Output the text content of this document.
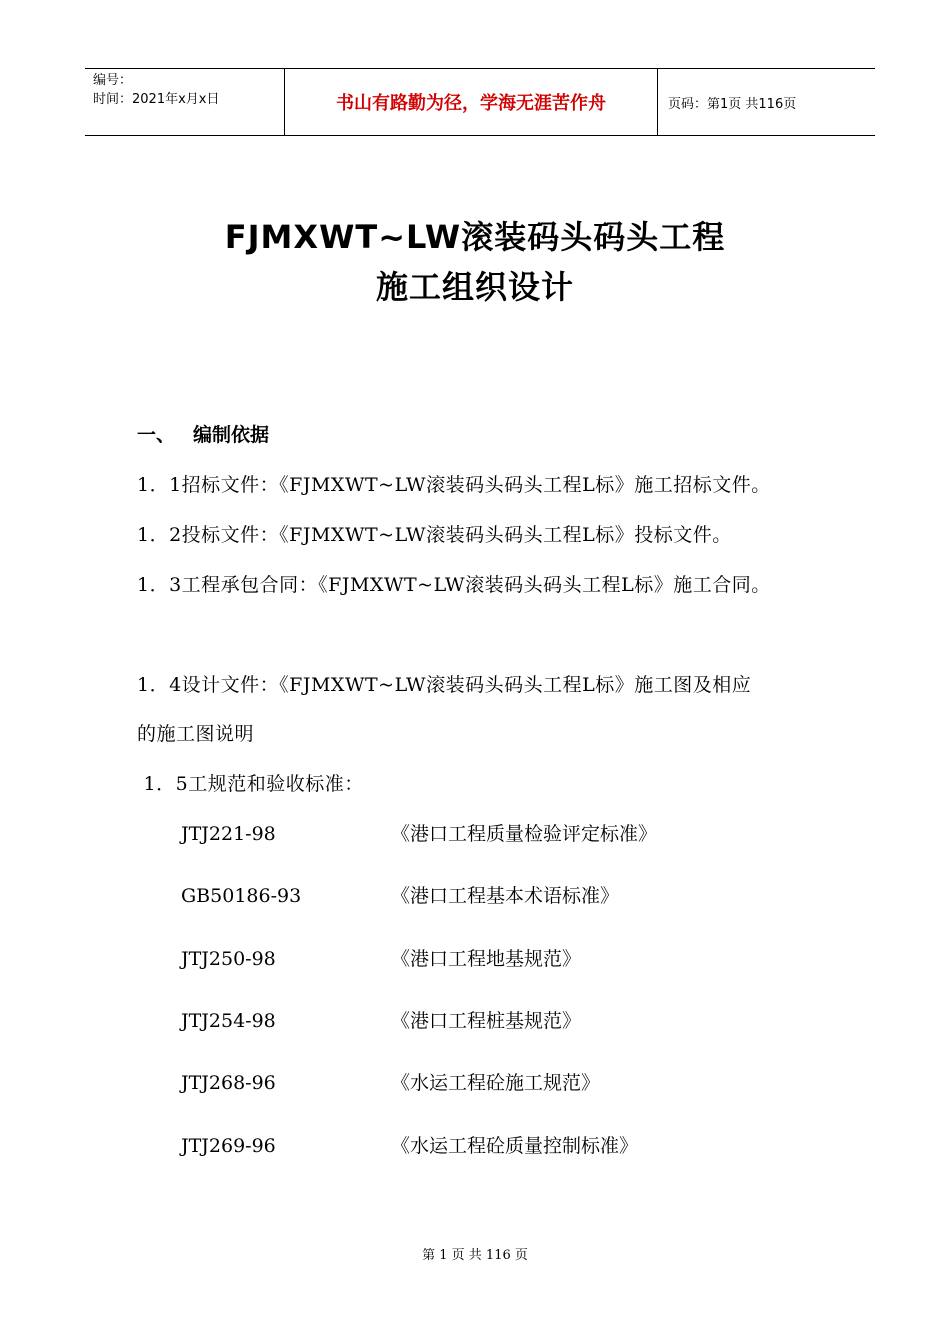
编号：
时间：2021年x月x日	书山有路勤为径，学海无涯苦作舟	页码：第1页 共116页
FJMXWT~LW滚装码头码头工程
施工组织设计
一、 编制依据
1．1招标文件：《FJMXWT~LW滚装码头码头工程L标》施工招标文件。
1．2投标文件：《FJMXWT~LW滚装码头码头工程L标》投标文件。
1．3工程承包合同：《FJMXWT~LW滚装码头码头工程L标》施工合同。
1．4设计文件：《FJMXWT~LW滚装码头码头工程L标》施工图及相应
的施工图说明
1．5工规范和验收标准：
JTJ221-98	《港口工程质量检验评定标准》
GB50186-93	《港口工程基本术语标准》
JTJ250-98	《港口工程地基规范》
JTJ254-98	《港口工程桩基规范》
JTJ268-96	《水运工程砼施工规范》
JTJ269-96	《水运工程砼质量控制标准》
第 1 页 共 116 页
